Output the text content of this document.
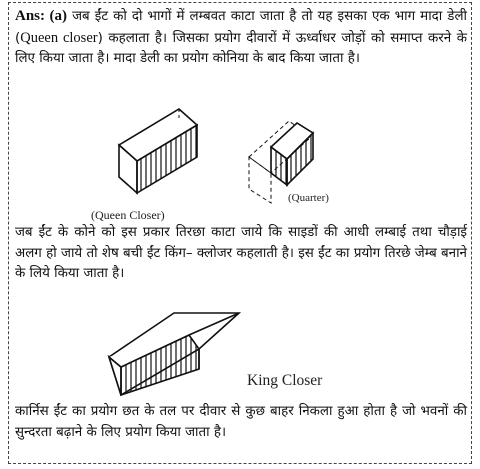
Ans: (a) जब ईंट को दो भागों में लम्बवत काटा जाता है तो यह इसका एक भाग मादा डेली (Queen closer) कहलाता है। जिसका प्रयोग दीवारों में ऊर्ध्वाधर जोड़ों को समाप्त करने के लिए किया जाता है। मादा डेली का प्रयोग कोनिया के बाद किया जाता है।

(Queen Closer)
(Quarter)

जब ईंट के कोने को इस प्रकार तिरछा काटा जाये कि साइडों की आधी लम्बाई तथा चौड़ाई अलग हो जाये तो शेष बची ईंट किंग– क्लोजर कहलाती है। इस ईंट का प्रयोग तिरछे जेम्ब बनाने के लिये किया जाता है।

King Closer

कार्निस ईंट का प्रयोग छत के तल पर दीवार से कुछ बाहर निकला हुआ होता है जो भवनों की सुन्दरता बढ़ाने के लिए प्रयोग किया जाता है।
